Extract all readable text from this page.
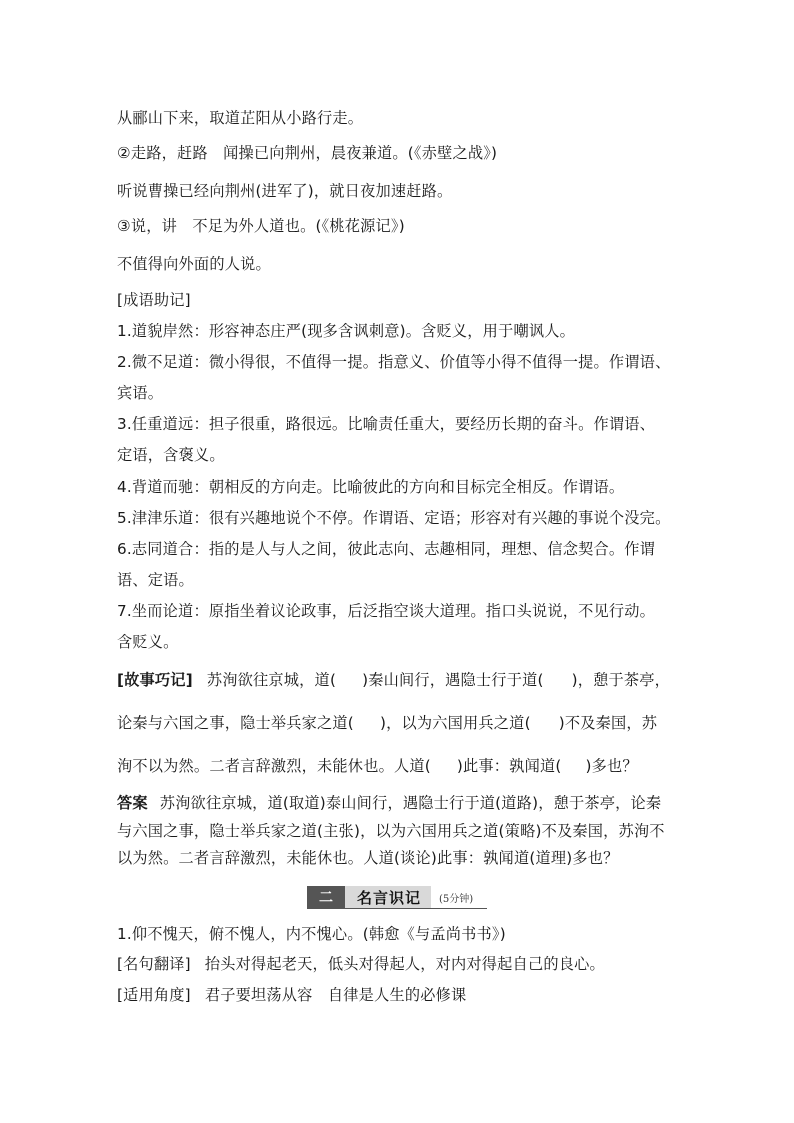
从郦山下来，取道芷阳从小路行走。
②走路，赶路　闻操已向荆州，晨夜兼道。(《赤壁之战》)
听说曹操已经向荆州(进军了)，就日夜加速赶路。
③说，讲　不足为外人道也。(《桃花源记》)
不值得向外面的人说。
[成语助记]
1.道貌岸然：形容神态庄严(现多含讽刺意)。含贬义，用于嘲讽人。
2.微不足道：微小得很，不值得一提。指意义、价值等小得不值得一提。作谓语、
宾语。
3.任重道远：担子很重，路很远。比喻责任重大，要经历长期的奋斗。作谓语、
定语，含褒义。
4.背道而驰：朝相反的方向走。比喻彼此的方向和目标完全相反。作谓语。
5.津津乐道：很有兴趣地说个不停。作谓语、定语；形容对有兴趣的事说个没完。
6.志同道合：指的是人与人之间，彼此志向、志趣相同，理想、信念契合。作谓
语、定语。
7.坐而论道：原指坐着议论政事，后泛指空谈大道理。指口头说说，不见行动。
含贬义。
[故事巧记] 苏洵欲往京城，道( )秦山间行，遇隐士行于道( )，憩于茶亭，
论秦与六国之事，隐士举兵家之道( )，以为六国用兵之道( )不及秦国，苏
洵不以为然。二者言辞激烈，未能休也。人道( )此事：孰闻道( )多也？
答案 苏洵欲往京城，道(取道)泰山间行，遇隐士行于道(道路)，憩于茶亭，论秦
与六国之事，隐士举兵家之道(主张)，以为六国用兵之道(策略)不及秦国，苏洵不
以为然。二者言辞激烈，未能休也。人道(谈论)此事：孰闻道(道理)多也？
二	名言识记	(5分钟)
1.仰不愧天，俯不愧人，内不愧心。(韩愈《与孟尚书书》)
[名句翻译] 抬头对得起老天，低头对得起人，对内对得起自己的良心。
[适用角度] 君子要坦荡从容　自律是人生的必修课
